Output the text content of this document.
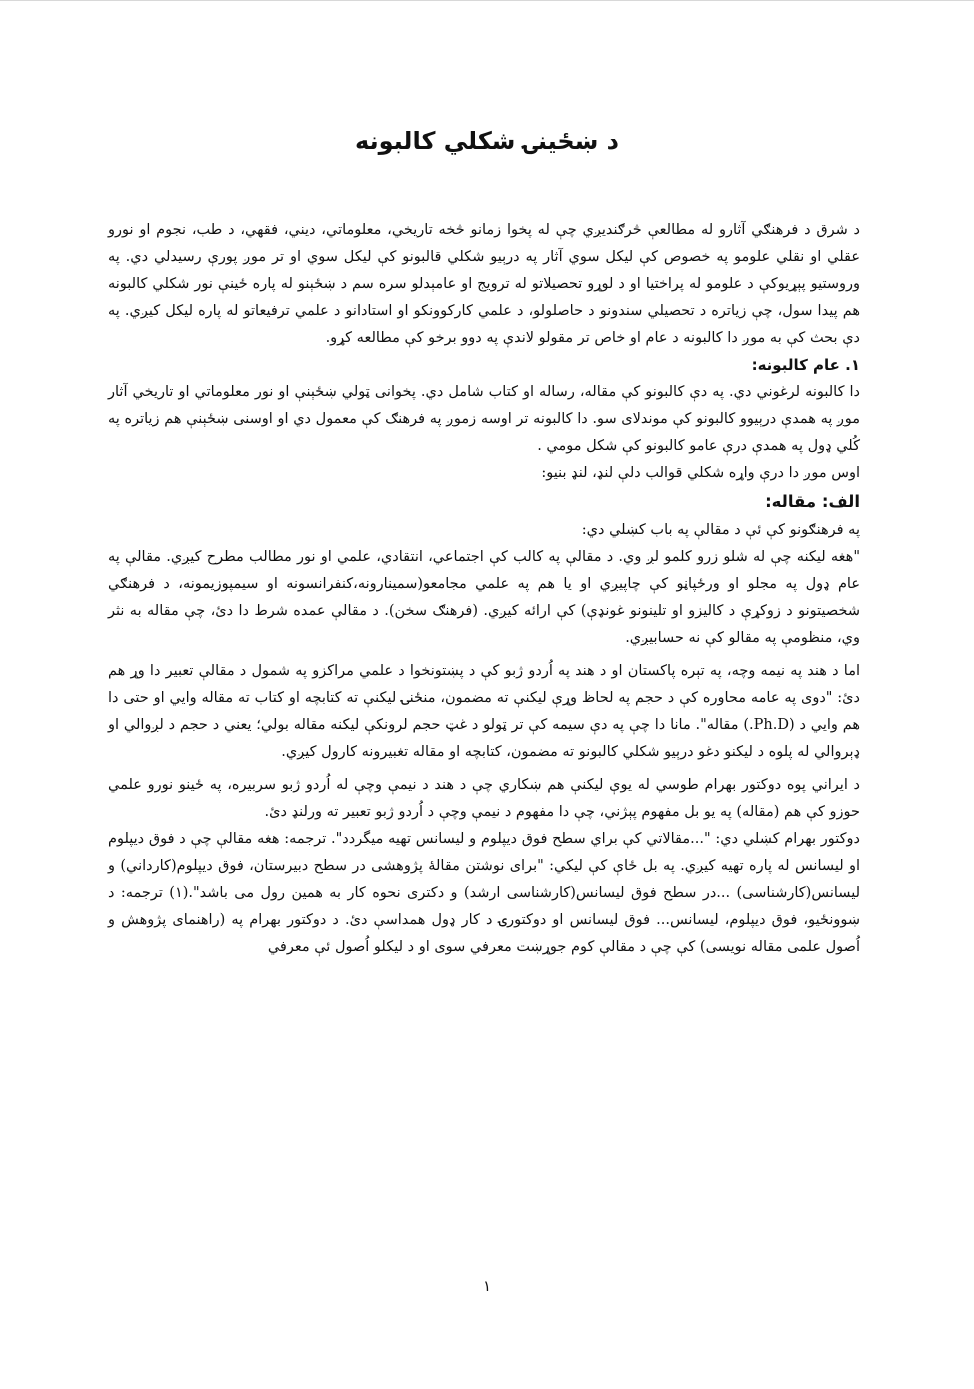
د ښځينۍ شکلي کالبونه

د شرق د فرهنګي آثارو له مطالعې څرګندیږي چې له پخوا زمانو څخه تاریخي، معلوماتي، دیني، فقهي، د طب، نجوم او نورو عقلي او نقلي علومو په خصوص کې لیکل سوي آثار په درېیو شکلي قالبونو کې لیکل سوي او تر موږ پورې رسیدلي دي. په وروستیو پېړیوکې د علومو له پراختیا او د لوړو تحصیلاتو له ترویج او عامېدلو سره سم د ښځېنو له پاره ځینې نور شکلي کالبونه هم پیدا سول، چې زیاتره د تحصیلي سندونو د حاصلولو، د علمي کارکوونکو او استادانو د علمي ترفیعاتو له پاره لیکل کیږي. په دې بحث کې به موږ دا کالبونه د عام او خاص تر مقولو لاندې په دوو برخو کې مطالعه کړو.

۱. عام کالبونه:

دا کالبونه لرغوني دي. په دې کالبونو کې مقاله، رساله او کتاب شامل دي. پخوانی ټولي ښځېنې او نور معلوماتي او تاریخي آثار موږ په همدې درېیوو کالبونو کې موندلای سو. دا کالبونه تر اوسه زموږ په فرهنګ کې معمول دي او اوسنی ښځېنې هم زیاتره په کُلي ډول په همدې درې عامو کالبونو کې شکل مومي .

اوس موږ دا درې واړه شکلي قوالب دلې لنډ، لنډ بنیو:

الف: مقاله:

په فرهنګونو کې ئې د مقالې په باب کښلي دي:

"هغه لیکنه چې له شلو زرو کلمو لږ وي. د مقالې په کالب کې اجتماعي، انتقادي، علمي او نور مطالب مطرح کیږي. مقالې په عام ډول په مجلو او ورځپاڼو کې چاپیږي او یا هم په علمي مجامعو(سمینارونه،کنفرانسونه او سیمپوزیمونه، د فرهنګي شخصیتونو د زوکړې د کالیزو او تلینونو غونډې) کې ارائه کیږي. (فرهنګ سخن). د مقالې عمده شرط دا دئ، چې مقاله به نثر وي، منظومې په مقالو کې نه حسابیږي.

اما د هند په نیمه وچه، په تېره پاکستان او د هند په اُردو ژبو کې د پښتونخوا د علمي مراکزو په شمول د مقالې تعبیر دا وړ هم دئ: "دوی په عامه محاوره کې د حجم په لحاظ وړې لیکنې ته مضمون، منځنۍ لیکنې ته کتابچه او کتاب ته مقاله وایي او حتی دا هم وایي د (Ph.D.) مقاله". مانا دا چې په دې سیمه کې تر ټولو د غټ حجم لرونکې لیکنه مقاله بولي؛ یعني د حجم د لږوالي او ډېروالي له پلوه د لیکنو دغو درېیو شکلي کالبونو ته مضمون، کتابچه او مقاله تغبیرونه کارول کیږي.

د ایراني پوه دوکتور بهرام طوسي له یوې لیکنې هم ښکاري چې د هند د نیمې وچې له اُردو ژبو سربیره، په ځینو نورو علمي حوزو کې هم (مقاله) په یو بل مفهوم پېژني، چې دا مفهوم د نیمې وچې د اُردو ژبو تعبیر ته ورلنډ دئ.

دوکتور بهرام کښلي دي: "...مقالاتي کې براي سطح فوق دیپلوم و لیسانس تهیه میگردد". ترجمه: هغه مقالې چې د فوق دیپلوم او لیسانس له پاره تهیه کیږي. په بل ځاې کې لیکي: "برای نوشتن مقالۀ پژوهشی در سطح دبیرستان، فوق دیپلوم(کارداني) و لیسانس(کارشناسی) ...در سطح فوق لیسانس(کارشناسی ارشد) و دکتری نحوه کار به همین رول می باشد".(۱) ترجمه: د ښوونځیو، فوق دیپلوم، لیسانس... فوق لیسانس او دوکتورۍ د کار ډول همداسې دئ. د دوکتور بهرام په (راهنمای پژوهش و اُصول علمی مقاله نویسی) کې چې د مقالې کوم جوړښت معرفي سوی او د لیکلو اُصول ئې معرفي

۱
